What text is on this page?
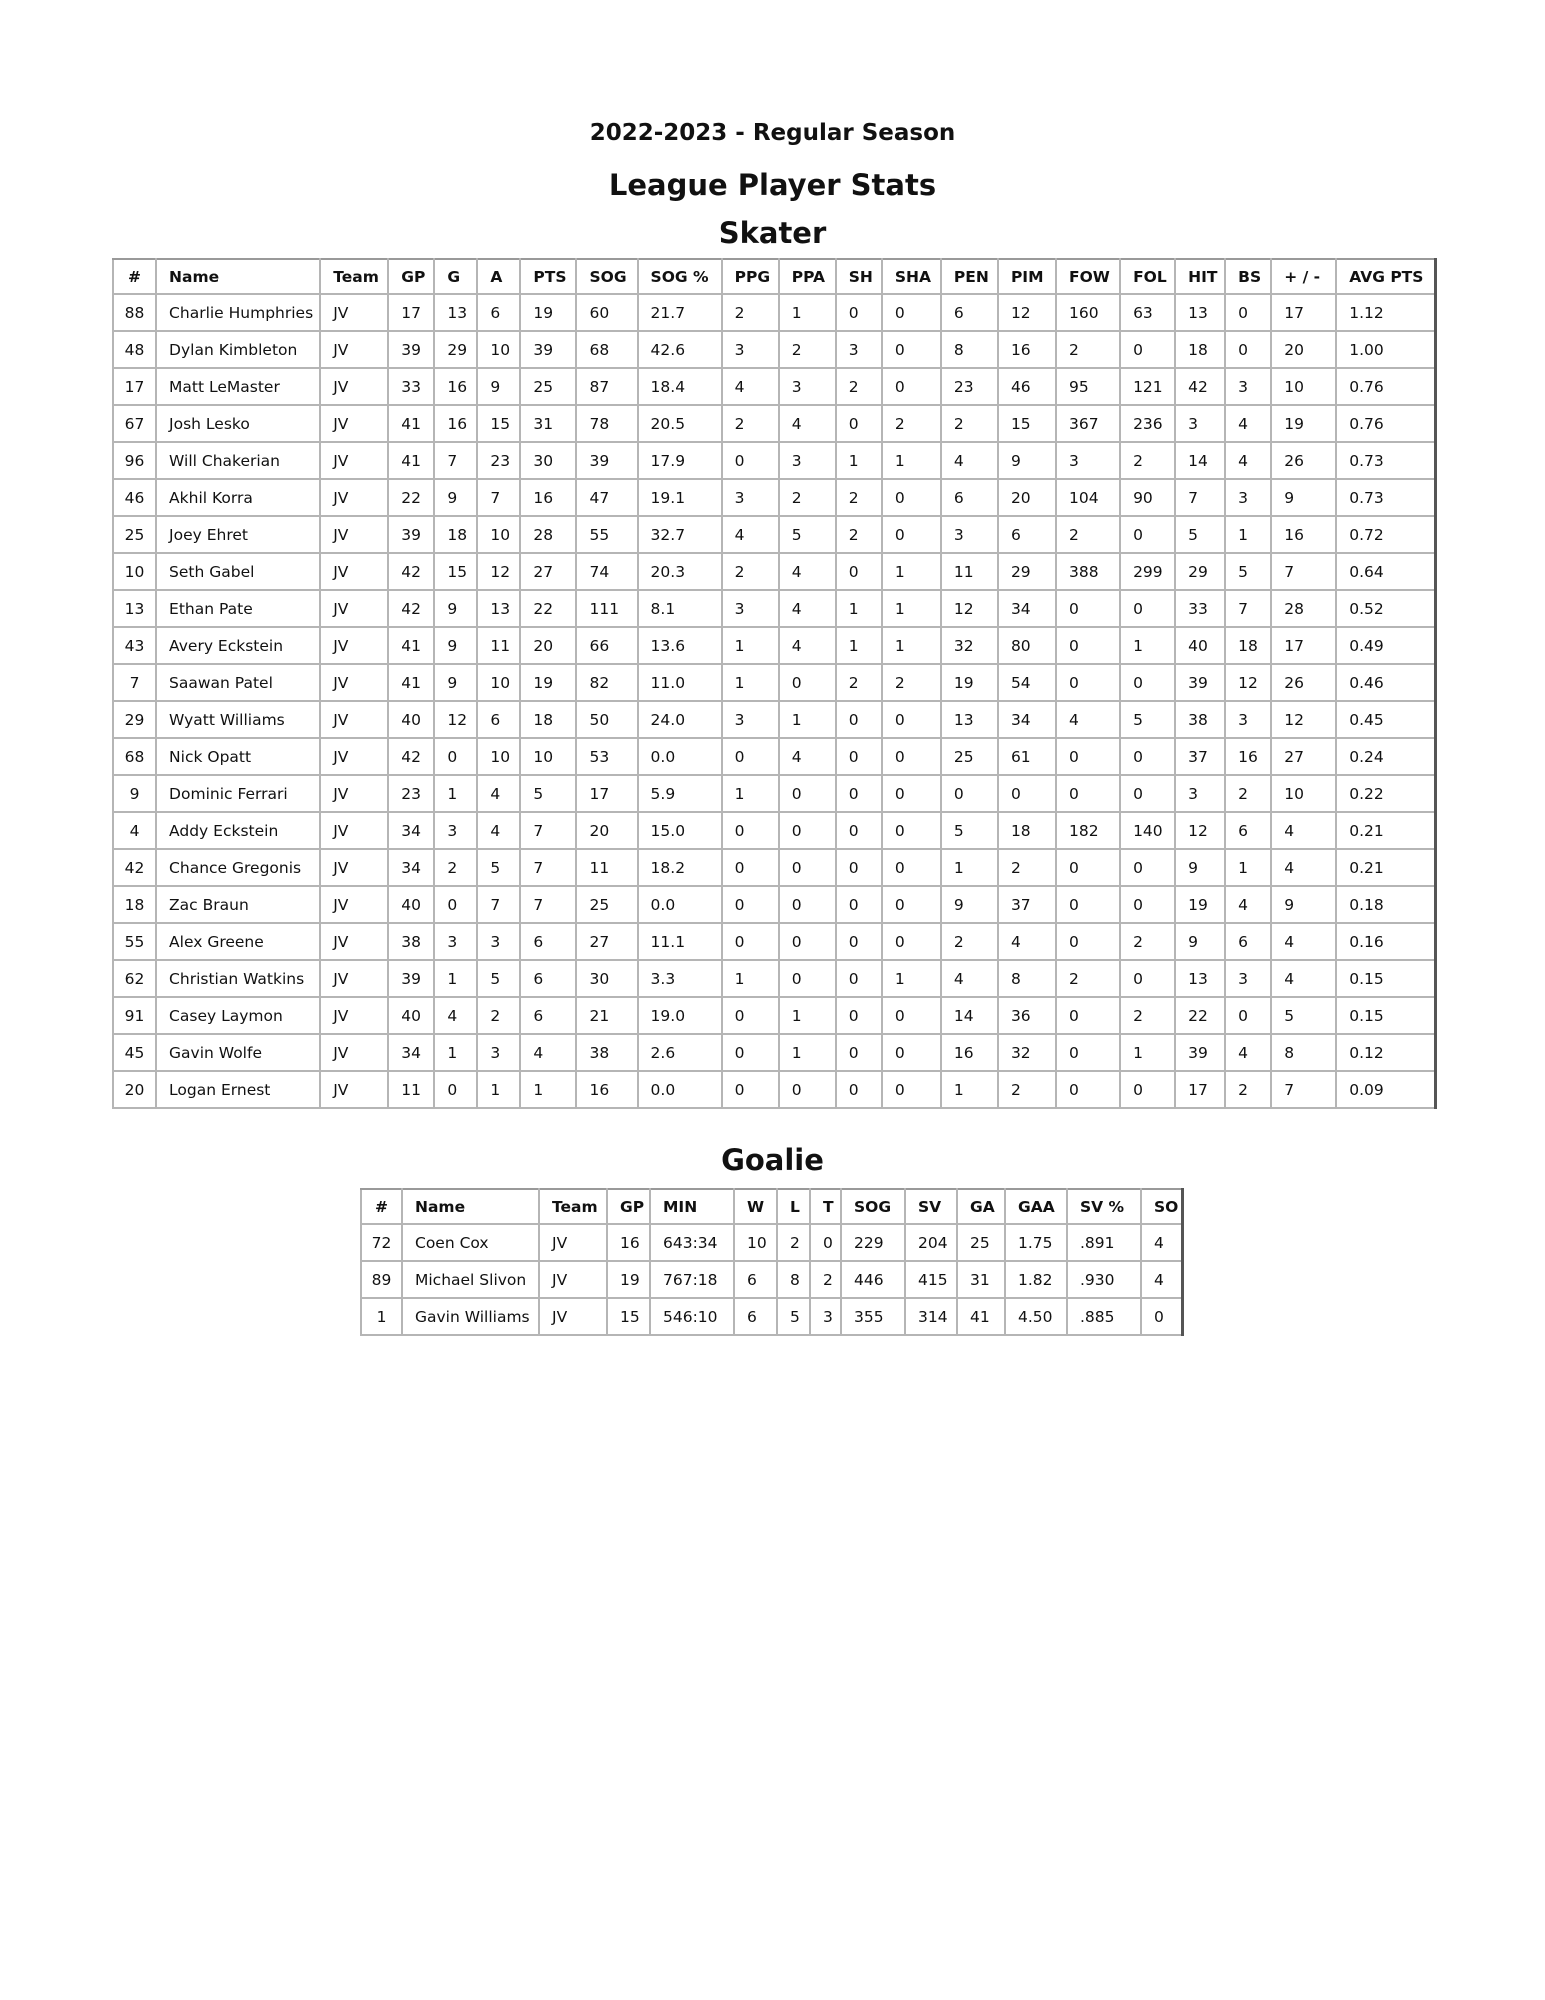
2022-2023 - Regular Season
League Player Stats
Skater
#	Name	Team	GP	G	A	PTS	SOG	SOG %	PPG	PPA	SH	SHA	PEN	PIM	FOW	FOL	HIT	BS	+ / -	AVG PTS
88	Charlie Humphries	JV	17	13	6	19	60	21.7	2	1	0	0	6	12	160	63	13	0	17	1.12
48	Dylan Kimbleton	JV	39	29	10	39	68	42.6	3	2	3	0	8	16	2	0	18	0	20	1.00
17	Matt LeMaster	JV	33	16	9	25	87	18.4	4	3	2	0	23	46	95	121	42	3	10	0.76
67	Josh Lesko	JV	41	16	15	31	78	20.5	2	4	0	2	2	15	367	236	3	4	19	0.76
96	Will Chakerian	JV	41	7	23	30	39	17.9	0	3	1	1	4	9	3	2	14	4	26	0.73
46	Akhil Korra	JV	22	9	7	16	47	19.1	3	2	2	0	6	20	104	90	7	3	9	0.73
25	Joey Ehret	JV	39	18	10	28	55	32.7	4	5	2	0	3	6	2	0	5	1	16	0.72
10	Seth Gabel	JV	42	15	12	27	74	20.3	2	4	0	1	11	29	388	299	29	5	7	0.64
13	Ethan Pate	JV	42	9	13	22	111	8.1	3	4	1	1	12	34	0	0	33	7	28	0.52
43	Avery Eckstein	JV	41	9	11	20	66	13.6	1	4	1	1	32	80	0	1	40	18	17	0.49
7	Saawan Patel	JV	41	9	10	19	82	11.0	1	0	2	2	19	54	0	0	39	12	26	0.46
29	Wyatt Williams	JV	40	12	6	18	50	24.0	3	1	0	0	13	34	4	5	38	3	12	0.45
68	Nick Opatt	JV	42	0	10	10	53	0.0	0	4	0	0	25	61	0	0	37	16	27	0.24
9	Dominic Ferrari	JV	23	1	4	5	17	5.9	1	0	0	0	0	0	0	0	3	2	10	0.22
4	Addy Eckstein	JV	34	3	4	7	20	15.0	0	0	0	0	5	18	182	140	12	6	4	0.21
42	Chance Gregonis	JV	34	2	5	7	11	18.2	0	0	0	0	1	2	0	0	9	1	4	0.21
18	Zac Braun	JV	40	0	7	7	25	0.0	0	0	0	0	9	37	0	0	19	4	9	0.18
55	Alex Greene	JV	38	3	3	6	27	11.1	0	0	0	0	2	4	0	2	9	6	4	0.16
62	Christian Watkins	JV	39	1	5	6	30	3.3	1	0	0	1	4	8	2	0	13	3	4	0.15
91	Casey Laymon	JV	40	4	2	6	21	19.0	0	1	0	0	14	36	0	2	22	0	5	0.15
45	Gavin Wolfe	JV	34	1	3	4	38	2.6	0	1	0	0	16	32	0	1	39	4	8	0.12
20	Logan Ernest	JV	11	0	1	1	16	0.0	0	0	0	0	1	2	0	0	17	2	7	0.09
Goalie
#	Name	Team	GP	MIN	W	L	T	SOG	SV	GA	GAA	SV %	SO
72	Coen Cox	JV	16	643:34	10	2	0	229	204	25	1.75	.891	4
89	Michael Slivon	JV	19	767:18	6	8	2	446	415	31	1.82	.930	4
1	Gavin Williams	JV	15	546:10	6	5	3	355	314	41	4.50	.885	0
